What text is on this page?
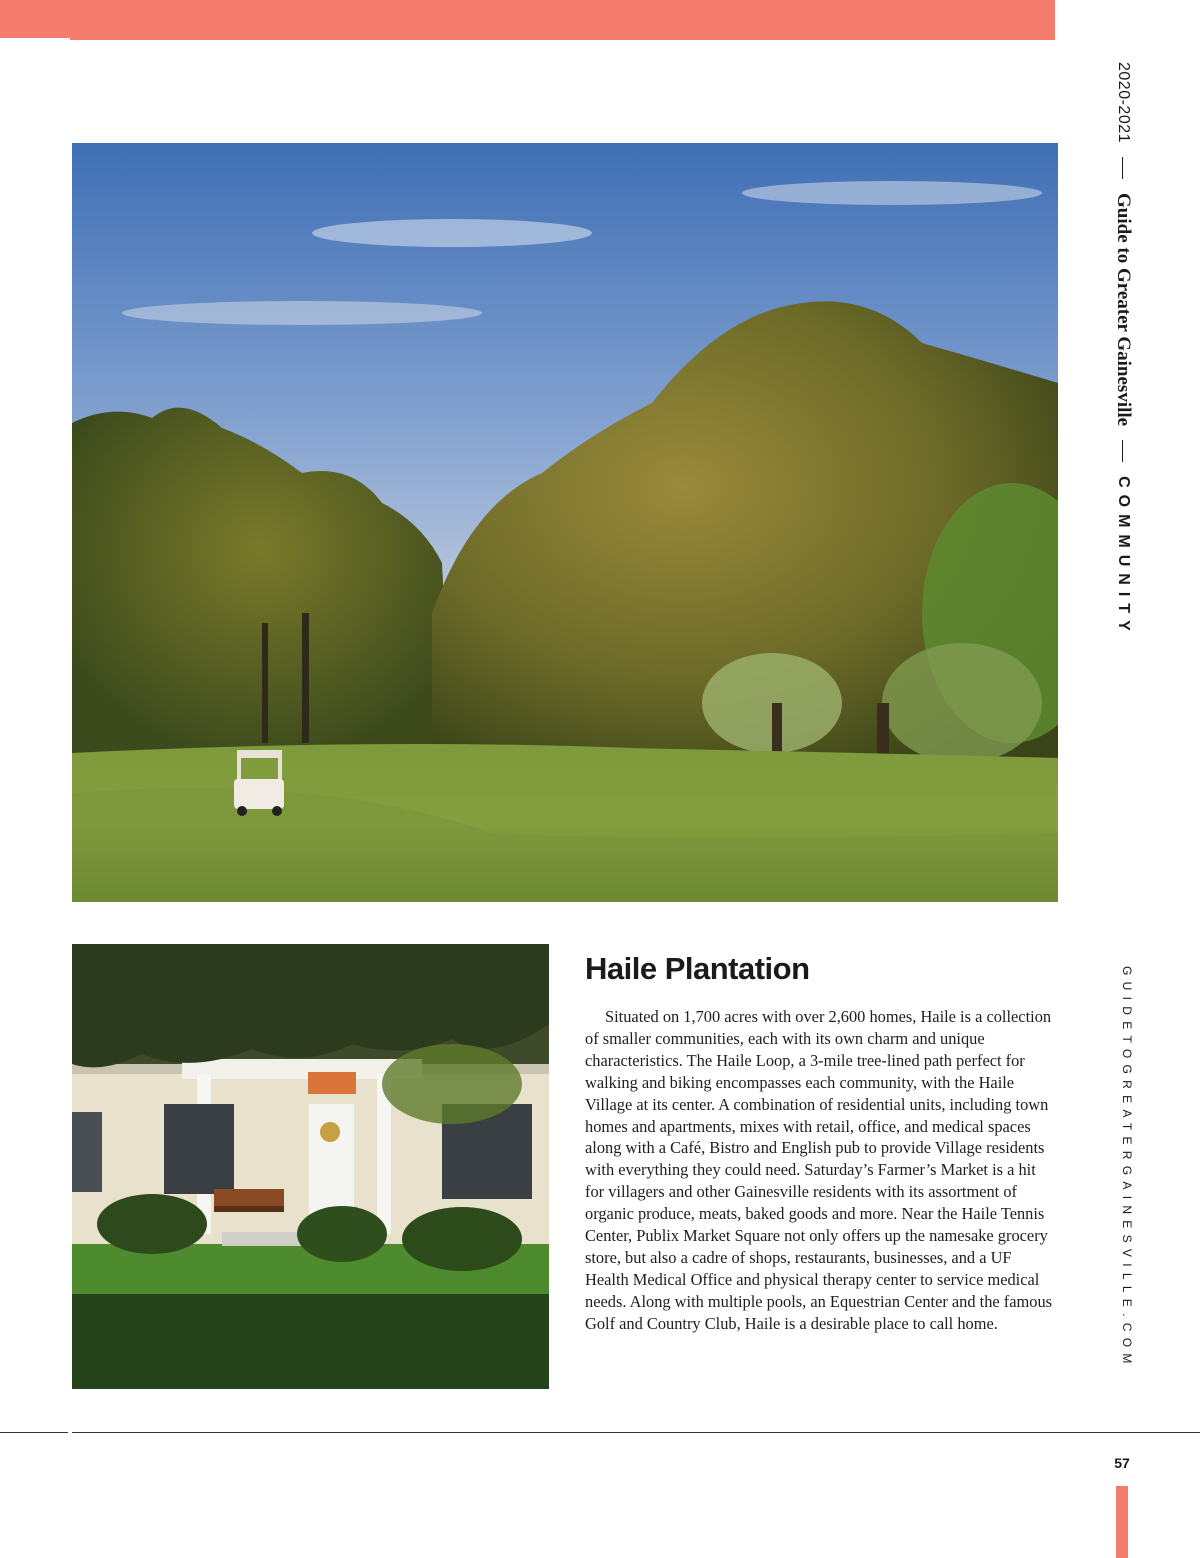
Haile Plantation

Situated on 1,700 acres with over 2,600 homes, Haile is a collection of smaller communities, each with its own charm and unique characteristics. The Haile Loop, a 3-mile tree-lined path perfect for walking and biking encompasses each community, with the Haile Village at its center. A combination of residential units, including town homes and apartments, mixes with retail, office, and medical spaces along with a Café, Bistro and English pub to provide Village residents with everything they could need. Saturday’s Farmer’s Market is a hit for villagers and other Gainesville residents with its assortment of organic produce, meats, baked goods and more. Near the Haile Tennis Center, Publix Market Square not only offers up the namesake grocery store, but also a cadre of shops, restaurants, businesses, and a UF Health Medical Office and physical therapy center to service medical needs. Along with multiple pools, an Equestrian Center and the famous Golf and Country Club, Haile is a desirable place to call home.

2020-2021
Guide to Greater Gainesville
COMMUNITY
GUIDETOGREATERGAINESVILLE.COM
57
